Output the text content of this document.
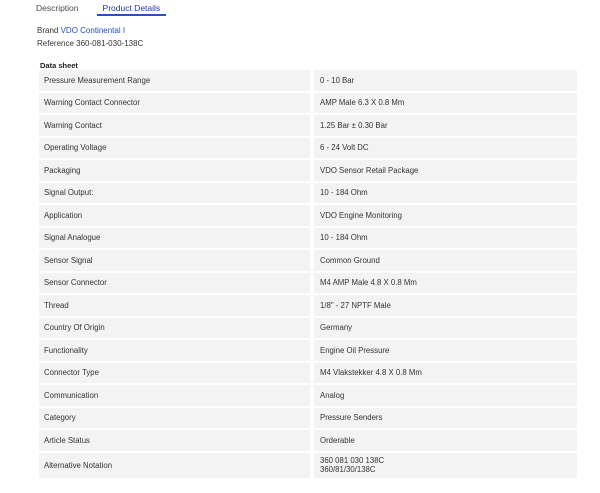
Description	Product Details
Brand VDO Continental I
Reference 360-081-030-138C
Data sheet
Pressure Measurement Range	0 - 10 Bar
Warning Contact Connector	AMP Male 6.3 X 0.8 Mm
Warning Contact	1.25 Bar ± 0.30 Bar
Operating Voltage	6 - 24 Volt DC
Packaging	VDO Sensor Retail Package
Signal Output:	10 - 184 Ohm
Application	VDO Engine Monitoring
Signal Analogue	10 - 184 Ohm
Sensor Signal	Common Ground
Sensor Connector	M4 AMP Male 4.8 X 0.8 Mm
Thread	1/8" - 27 NPTF Male
Country Of Origin	Germany
Functionality	Engine Oil Pressure
Connector Type	M4 Vlakstekker 4.8 X 0.8 Mm
Communication	Analog
Category	Pressure Senders
Article Status	Orderable
Alternative Notation	360 081 030 138C
360/81/30/138C
